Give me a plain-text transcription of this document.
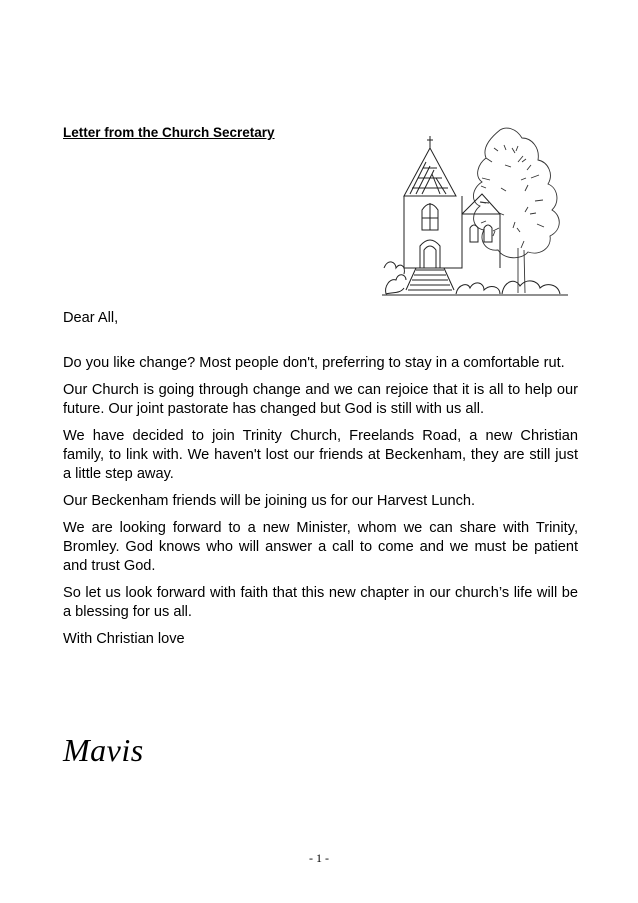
Letter from the Church Secretary

Dear All,

Do you like change? Most people don't, preferring to stay in a comfortable rut.

Our Church is going through change and we can rejoice that it is all to help our future. Our joint pastorate has changed but God is still with us all.

We have decided to join Trinity Church, Freelands Road, a new Christian family, to link with. We haven't lost our friends at Beckenham, they are still just a little step away.

Our Beckenham friends will be joining us for our Harvest Lunch.

We are looking forward to a new Minister, whom we can share with Trinity, Bromley. God knows who will answer a call to come and we must be patient and trust God.

So let us look forward with faith that this new chapter in our church’s life will be a blessing for us all.

With Christian love

Mavis
- 1 -
